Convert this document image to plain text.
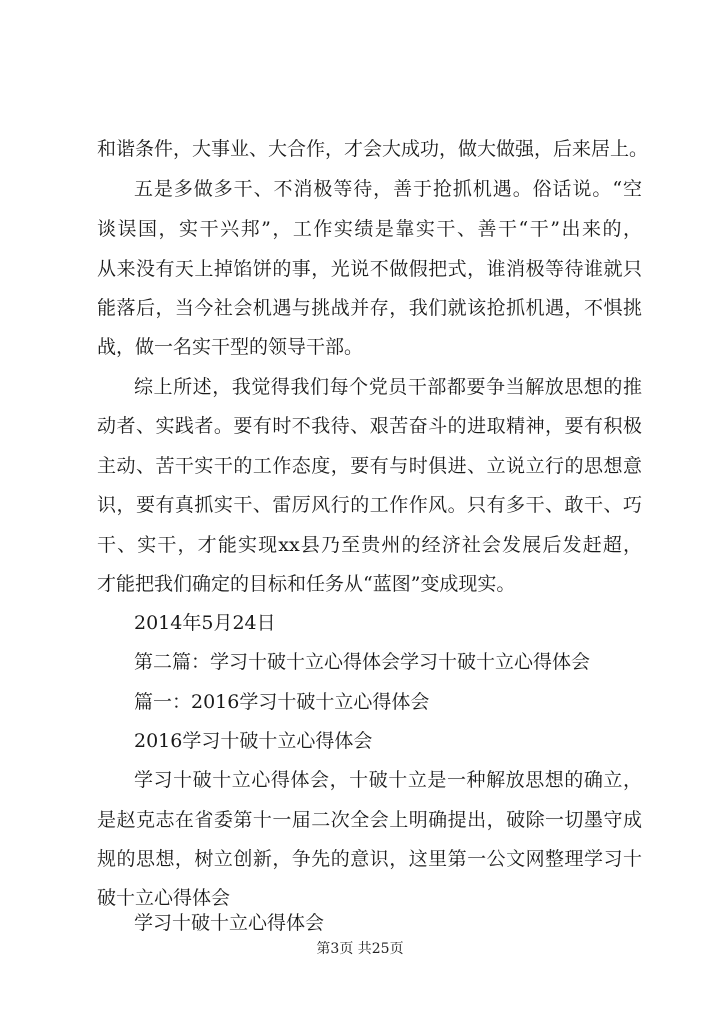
和谐条件，大事业、大合作，才会大成功，做大做强，后来居上。
五是多做多干、不消极等待，善于抢抓机遇。俗话说。“空
谈误国，实干兴邦”，工作实绩是靠实干、善干“干”出来的，
从来没有天上掉馅饼的事，光说不做假把式，谁消极等待谁就只
能落后，当今社会机遇与挑战并存，我们就该抢抓机遇，不惧挑
战，做一名实干型的领导干部。
综上所述，我觉得我们每个党员干部都要争当解放思想的推
动者、实践者。要有时不我待、艰苦奋斗的进取精神，要有积极
主动、苦干实干的工作态度，要有与时俱进、立说立行的思想意
识，要有真抓实干、雷厉风行的工作作风。只有多干、敢干、巧
干、实干，才能实现xx县乃至贵州的经济社会发展后发赶超，
才能把我们确定的目标和任务从“蓝图”变成现实。
2014年5月24日
第二篇：学习十破十立心得体会学习十破十立心得体会
篇一：2016学习十破十立心得体会
2016学习十破十立心得体会
学习十破十立心得体会，十破十立是一种解放思想的确立，
是赵克志在省委第十一届二次全会上明确提出，破除一切墨守成
规的思想，树立创新，争先的意识，这里第一公文网整理学习十
破十立心得体会
学习十破十立心得体会
第3页 共25页
